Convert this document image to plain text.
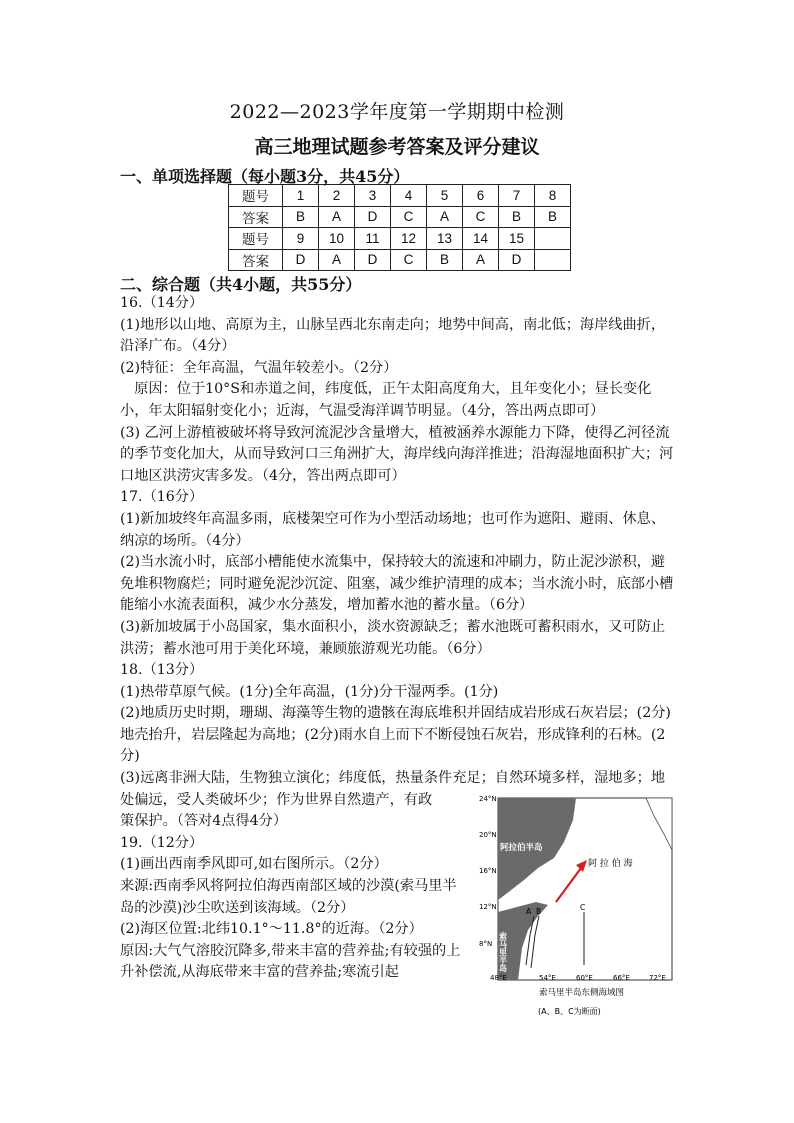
2022—2023学年度第一学期期中检测
高三地理试题参考答案及评分建议
一、单项选择题（每小题3分，共45分）
题号	1	2	3	4	5	6	7	8
答案	B	A	D	C	A	C	B	B
题号	9	10	11	12	13	14	15	
答案	D	A	D	C	B	A	D	
二、综合题（共4小题，共55分）

16.（14分）

(1)地形以山地、高原为主，山脉呈西北东南走向；地势中间高，南北低；海岸线曲折，沿泽广布。（4分）

(2)特征：全年高温，气温年较差小。（2分）

原因：位于10°S和赤道之间，纬度低，正午太阳高度角大，且年变化小；昼长变化小，年太阳辐射变化小；近海，气温受海洋调节明显。（4分，答出两点即可）

(3) 乙河上游植被破坏将导致河流泥沙含量增大，植被涵养水源能力下降，使得乙河径流的季节变化加大，从而导致河口三角洲扩大，海岸线向海洋推进；沿海湿地面积扩大；河口地区洪涝灾害多发。（4分，答出两点即可）

17.（16分）

(1)新加坡终年高温多雨，底楼架空可作为小型活动场地；也可作为遮阳、避雨、休息、纳凉的场所。（4分）

(2)当水流小时，底部小槽能使水流集中，保持较大的流速和冲刷力，防止泥沙淤积，避免堆积物腐烂；同时避免泥沙沉淀、阻塞，减少维护清理的成本；当水流小时，底部小槽能缩小水流表面积，减少水分蒸发，增加蓄水池的蓄水量。（6分）

(3)新加坡属于小岛国家，集水面积小，淡水资源缺乏；蓄水池既可蓄积雨水，又可防止洪涝；蓄水池可用于美化环境，兼顾旅游观光功能。（6分）

18.（13分）

(1)热带草原气候。(1分)全年高温，(1分)分干湿两季。(1分)

(2)地质历史时期，珊瑚、海藻等生物的遗骸在海底堆积并固结成岩形成石灰岩层；(2分)地壳抬升，岩层隆起为高地；(2分)雨水自上而下不断侵蚀石灰岩，形成锋利的石林。(2分)

(3)远离非洲大陆，生物独立演化；纬度低，热量条件充足；自然环境多样，湿地多；地处偏远，受人类破坏少；作为世界自然遗产，有政

策保护。（答对4点得4分）

19.（12分）

(1)画出西南季风即可,如右图所示。（2分）

来源:西南季风将阿拉伯海西南部区域的沙漠(索马里半岛的沙漠)沙尘吹送到该海域。（2分）

(2)海区位置:北纬10.1°～11.8°的近海。（2分）

原因:大气气溶胶沉降多,带来丰富的营养盐;有较强的上升补偿流,从海底带来丰富的营养盐;寒流引起

24°N
20°N
16°N
12°N
8°N
48°E	54°E	60°E	66°E	72°E
阿拉伯半岛
阿 拉 伯 海
A B	C
索马里半岛
索马里半岛东侧海域图
(A、B、C为断面)
